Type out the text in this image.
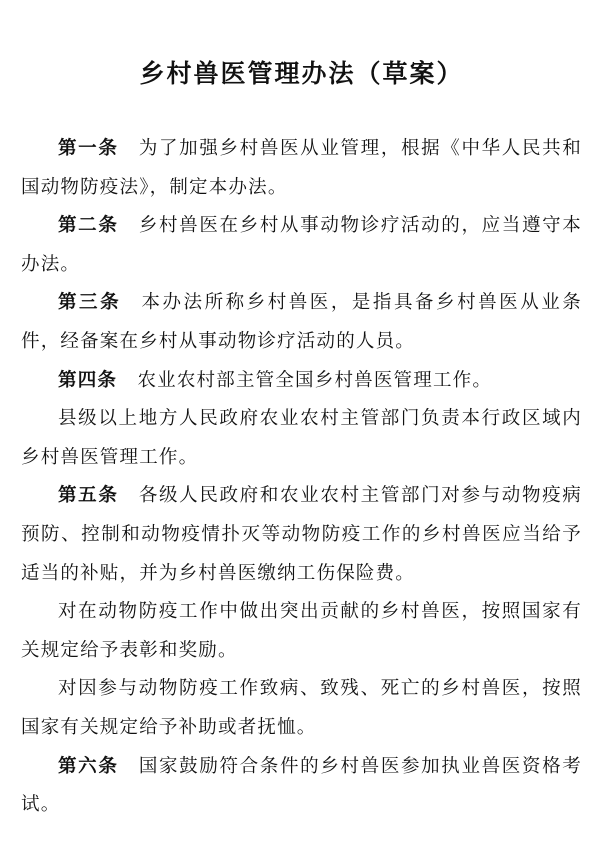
乡村兽医管理办法（草案）

第一条 为了加强乡村兽医从业管理，根据《中华人民共和国动物防疫法》，制定本办法。

第二条 乡村兽医在乡村从事动物诊疗活动的，应当遵守本办法。

第三条 本办法所称乡村兽医，是指具备乡村兽医从业条件，经备案在乡村从事动物诊疗活动的人员。

第四条 农业农村部主管全国乡村兽医管理工作。

县级以上地方人民政府农业农村主管部门负责本行政区域内乡村兽医管理工作。

第五条 各级人民政府和农业农村主管部门对参与动物疫病预防、控制和动物疫情扑灭等动物防疫工作的乡村兽医应当给予适当的补贴，并为乡村兽医缴纳工伤保险费。

对在动物防疫工作中做出突出贡献的乡村兽医，按照国家有关规定给予表彰和奖励。

对因参与动物防疫工作致病、致残、死亡的乡村兽医，按照国家有关规定给予补助或者抚恤。

第六条 国家鼓励符合条件的乡村兽医参加执业兽医资格考试。
